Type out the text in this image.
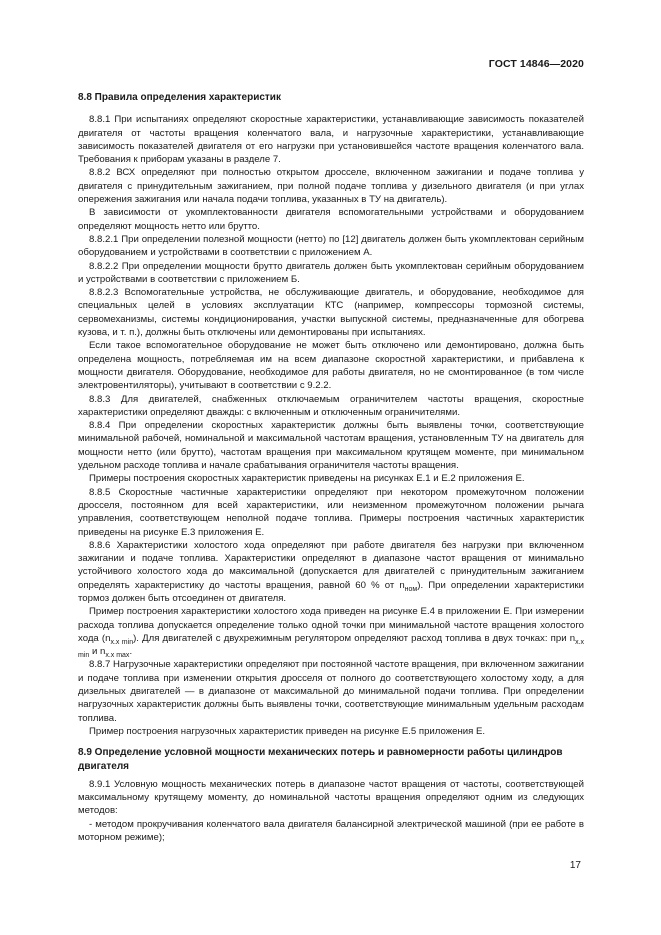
ГОСТ 14846—2020
8.8 Правила определения характеристик

8.8.1 При испытаниях определяют скоростные характеристики, устанавливающие зависимость показателей двигателя от частоты вращения коленчатого вала, и нагрузочные характеристики, устанавливающие зависимость показателей двигателя от его нагрузки при установившейся частоте вращения коленчатого вала. Требования к приборам указаны в разделе 7.

8.8.2 ВСХ определяют при полностью открытом дросселе, включенном зажигании и подаче топлива у двигателя с принудительным зажиганием, при полной подаче топлива у дизельного двигателя (и при углах опережения зажигания или начала подачи топлива, указанных в ТУ на двигатель).

В зависимости от укомплектованности двигателя вспомогательными устройствами и оборудованием определяют мощность нетто или брутто.

8.8.2.1 При определении полезной мощности (нетто) по [12] двигатель должен быть укомплектован серийным оборудованием и устройствами в соответствии с приложением А.

8.8.2.2 При определении мощности брутто двигатель должен быть укомплектован серийным оборудованием и устройствами в соответствии с приложением Б.

8.8.2.3 Вспомогательные устройства, не обслуживающие двигатель, и оборудование, необходимое для специальных целей в условиях эксплуатации КТС (например, компрессоры тормозной системы, сервомеханизмы, системы кондиционирования, участки выпускной системы, предназначенные для обогрева кузова, и т. п.), должны быть отключены или демонтированы при испытаниях.

Если такое вспомогательное оборудование не может быть отключено или демонтировано, должна быть определена мощность, потребляемая им на всем диапазоне скоростной характеристики, и прибавлена к мощности двигателя. Оборудование, необходимое для работы двигателя, но не смонтированное (в том числе электровентиляторы), учитывают в соответствии с 9.2.2.

8.8.3 Для двигателей, снабженных отключаемым ограничителем частоты вращения, скоростные характеристики определяют дважды: с включенным и отключенным ограничителями.

8.8.4 При определении скоростных характеристик должны быть выявлены точки, соответствующие минимальной рабочей, номинальной и максимальной частотам вращения, установленным ТУ на двигатель для мощности нетто (или брутто), частотам вращения при максимальном крутящем моменте, при минимальном удельном расходе топлива и начале срабатывания ограничителя частоты вращения.

Примеры построения скоростных характеристик приведены на рисунках Е.1 и Е.2 приложения Е.

8.8.5 Скоростные частичные характеристики определяют при некотором промежуточном положении дросселя, постоянном для всей характеристики, или неизменном промежуточном положении рычага управления, соответствующем неполной подаче топлива. Примеры построения частичных характеристик приведены на рисунке Е.3 приложения Е.

8.8.6 Характеристики холостого хода определяют при работе двигателя без нагрузки при включенном зажигании и подаче топлива. Характеристики определяют в диапазоне частот вращения от минимально устойчивого холостого хода до максимальной (допускается для двигателей с принудительным зажиганием определять характеристику до частоты вращения, равной 60 % от $n_{ном}$). При определении характеристики тормоз должен быть отсоединен от двигателя.

Пример построения характеристики холостого хода приведен на рисунке Е.4 в приложении Е. При измерении расхода топлива допускается определение только одной точки при минимальной частоте вращения холостого хода $(n_{х.х min})$. Для двигателей с двухрежимным регулятором определяют расход топлива в двух точках: при $n_{х.х min}$ и $n_{х.х max}$.

8.8.7 Нагрузочные характеристики определяют при постоянной частоте вращения, при включенном зажигании и подаче топлива при изменении открытия дросселя от полного до соответствующего холостому ходу, а для дизельных двигателей — в диапазоне от максимальной до минимальной подачи топлива. При определении нагрузочных характеристик должны быть выявлены точки, соответствующие минимальным удельным расходам топлива.

Пример построения нагрузочных характеристик приведен на рисунке Е.5 приложения Е.

8.9 Определение условной мощности механических потерь и равномерности работы цилиндров двигателя

8.9.1 Условную мощность механических потерь в диапазоне частот вращения от частоты, соответствующей максимальному крутящему моменту, до номинальной частоты вращения определяют одним из следующих методов:

- методом прокручивания коленчатого вала двигателя балансирной электрической машиной (при ее работе в моторном режиме);

17
